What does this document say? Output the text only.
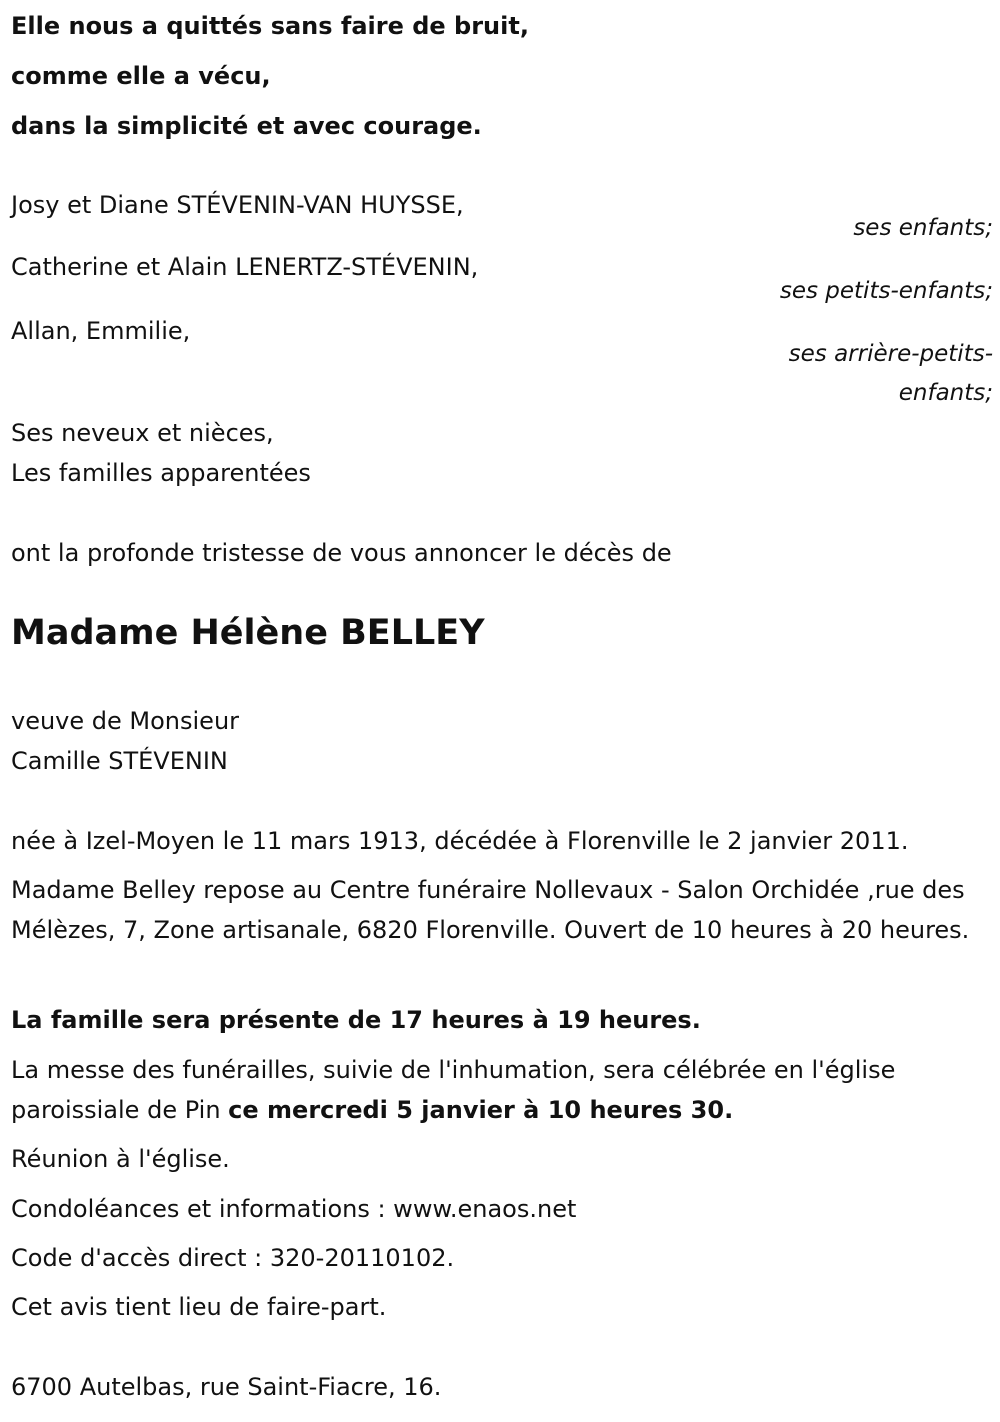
Elle nous a quittés sans faire de bruit,
comme elle a vécu,
dans la simplicité et avec courage.
Josy et Diane STÉVENIN-VAN HUYSSE,
ses enfants;
Catherine et Alain LENERTZ-STÉVENIN,
ses petits-enfants;
Allan, Emmilie,
ses arrière-petits-
enfants;
Ses neveux et nièces,
Les familles apparentées
ont la profonde tristesse de vous annoncer le décès de
Madame Hélène BELLEY
veuve de Monsieur
Camille STÉVENIN
née à Izel-Moyen le 11 mars 1913, décédée à Florenville le 2 janvier 2011.
Madame Belley repose au Centre funéraire Nollevaux - Salon Orchidée ,rue des Mélèzes, 7, Zone artisanale, 6820 Florenville. Ouvert de 10 heures à 20 heures.
La famille sera présente de 17 heures à 19 heures.
La messe des funérailles, suivie de l'inhumation, sera célébrée en l'église paroissiale de Pin ce mercredi 5 janvier à 10 heures 30.
Réunion à l'église.
Condoléances et informations : www.enaos.net
Code d'accès direct : 320-20110102.
Cet avis tient lieu de faire-part.
6700 Autelbas, rue Saint-Fiacre, 16.
